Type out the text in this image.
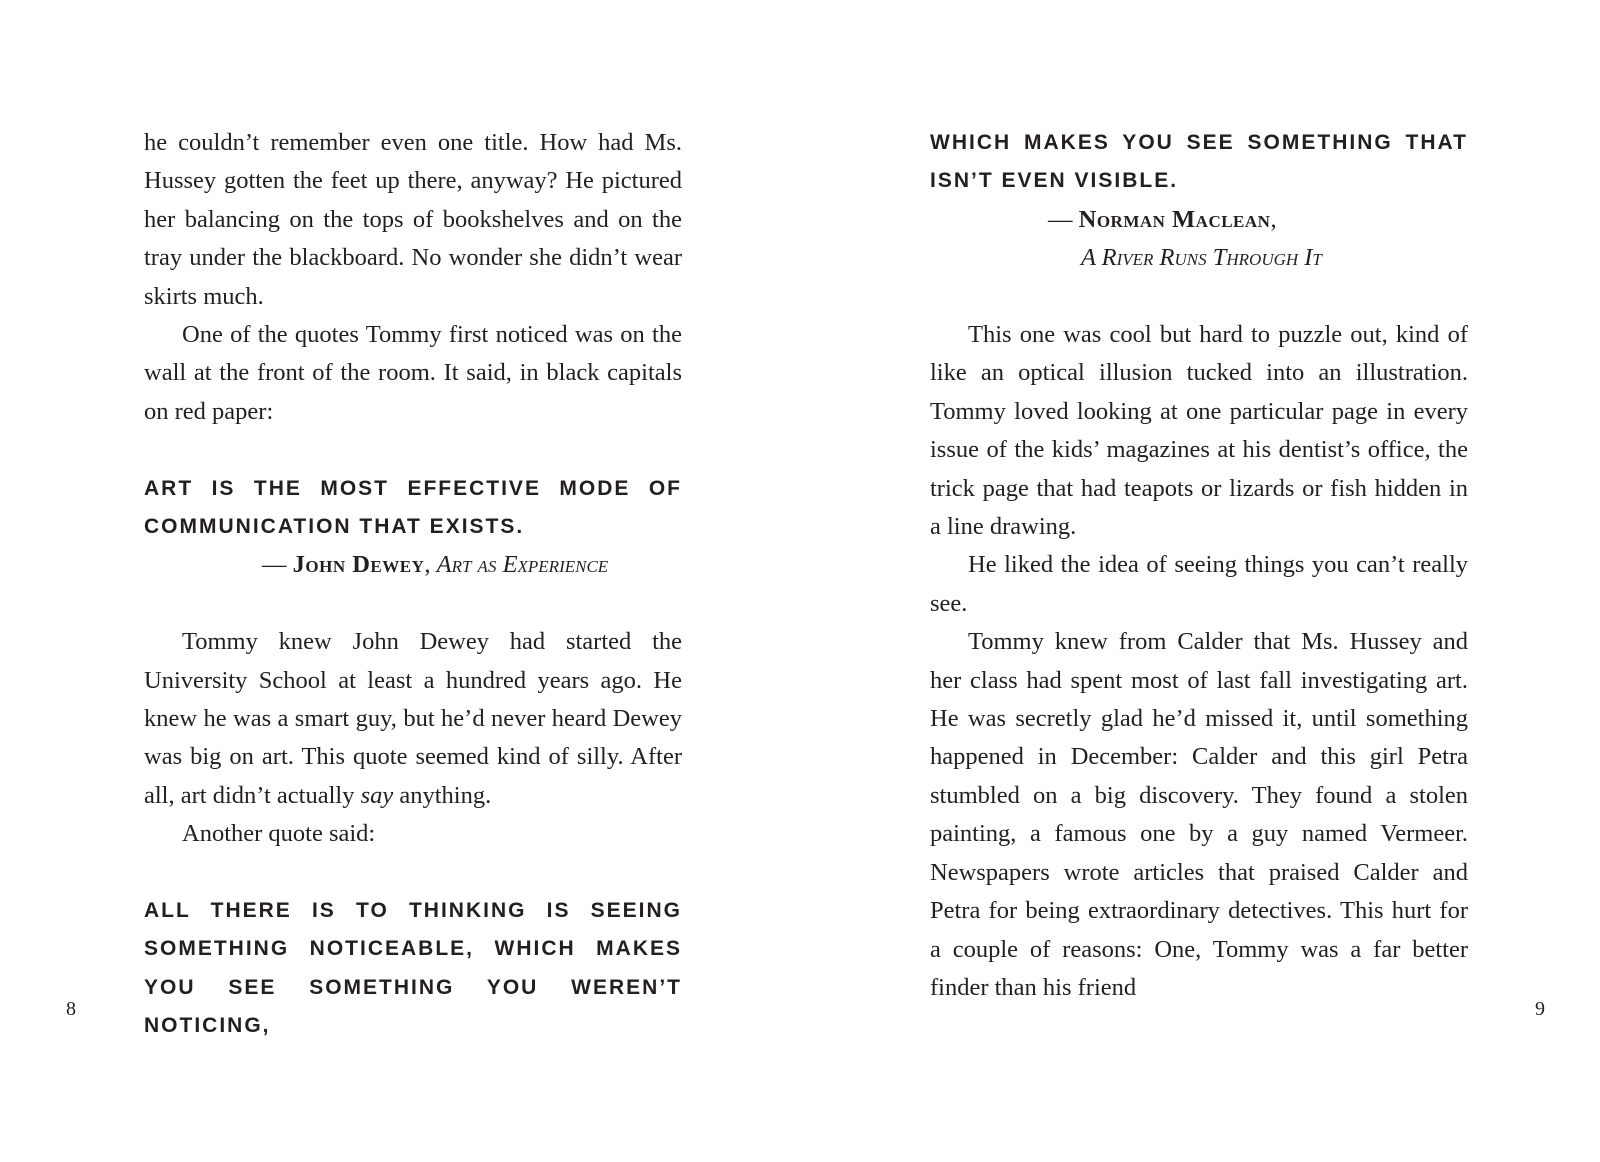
he couldn’t remember even one title. How had Ms. Hussey gotten the feet up there, anyway? He pictured her balancing on the tops of bookshelves and on the tray under the blackboard. No wonder she didn’t wear skirts much.

One of the quotes Tommy first noticed was on the wall at the front of the room. It said, in black capitals on red paper:

ART IS THE MOST EFFECTIVE MODE OF COMMUNICATION THAT EXISTS.

— John Dewey, Art as Experience

Tommy knew John Dewey had started the University School at least a hundred years ago. He knew he was a smart guy, but he’d never heard Dewey was big on art. This quote seemed kind of silly. After all, art didn’t actually say anything.

Another quote said:

ALL THERE IS TO THINKING IS SEEING SOMETHING NOTICEABLE, WHICH MAKES YOU SEE SOMETHING YOU WEREN’T NOTICING,

8

WHICH MAKES YOU SEE SOMETHING THAT ISN’T EVEN VISIBLE.

— Norman Maclean,

A River Runs Through It

This one was cool but hard to puzzle out, kind of like an optical illusion tucked into an illustration. Tommy loved looking at one particular page in every issue of the kids’ magazines at his dentist’s office, the trick page that had teapots or lizards or fish hidden in a line drawing.

He liked the idea of seeing things you can’t really see.

Tommy knew from Calder that Ms. Hussey and her class had spent most of last fall investigating art. He was secretly glad he’d missed it, until something happened in December: Calder and this girl Petra stumbled on a big discovery. They found a stolen painting, a famous one by a guy named Vermeer. Newspapers wrote articles that praised Calder and Petra for being extraordinary detectives. This hurt for a couple of reasons: One, Tommy was a far better finder than his friend

9
